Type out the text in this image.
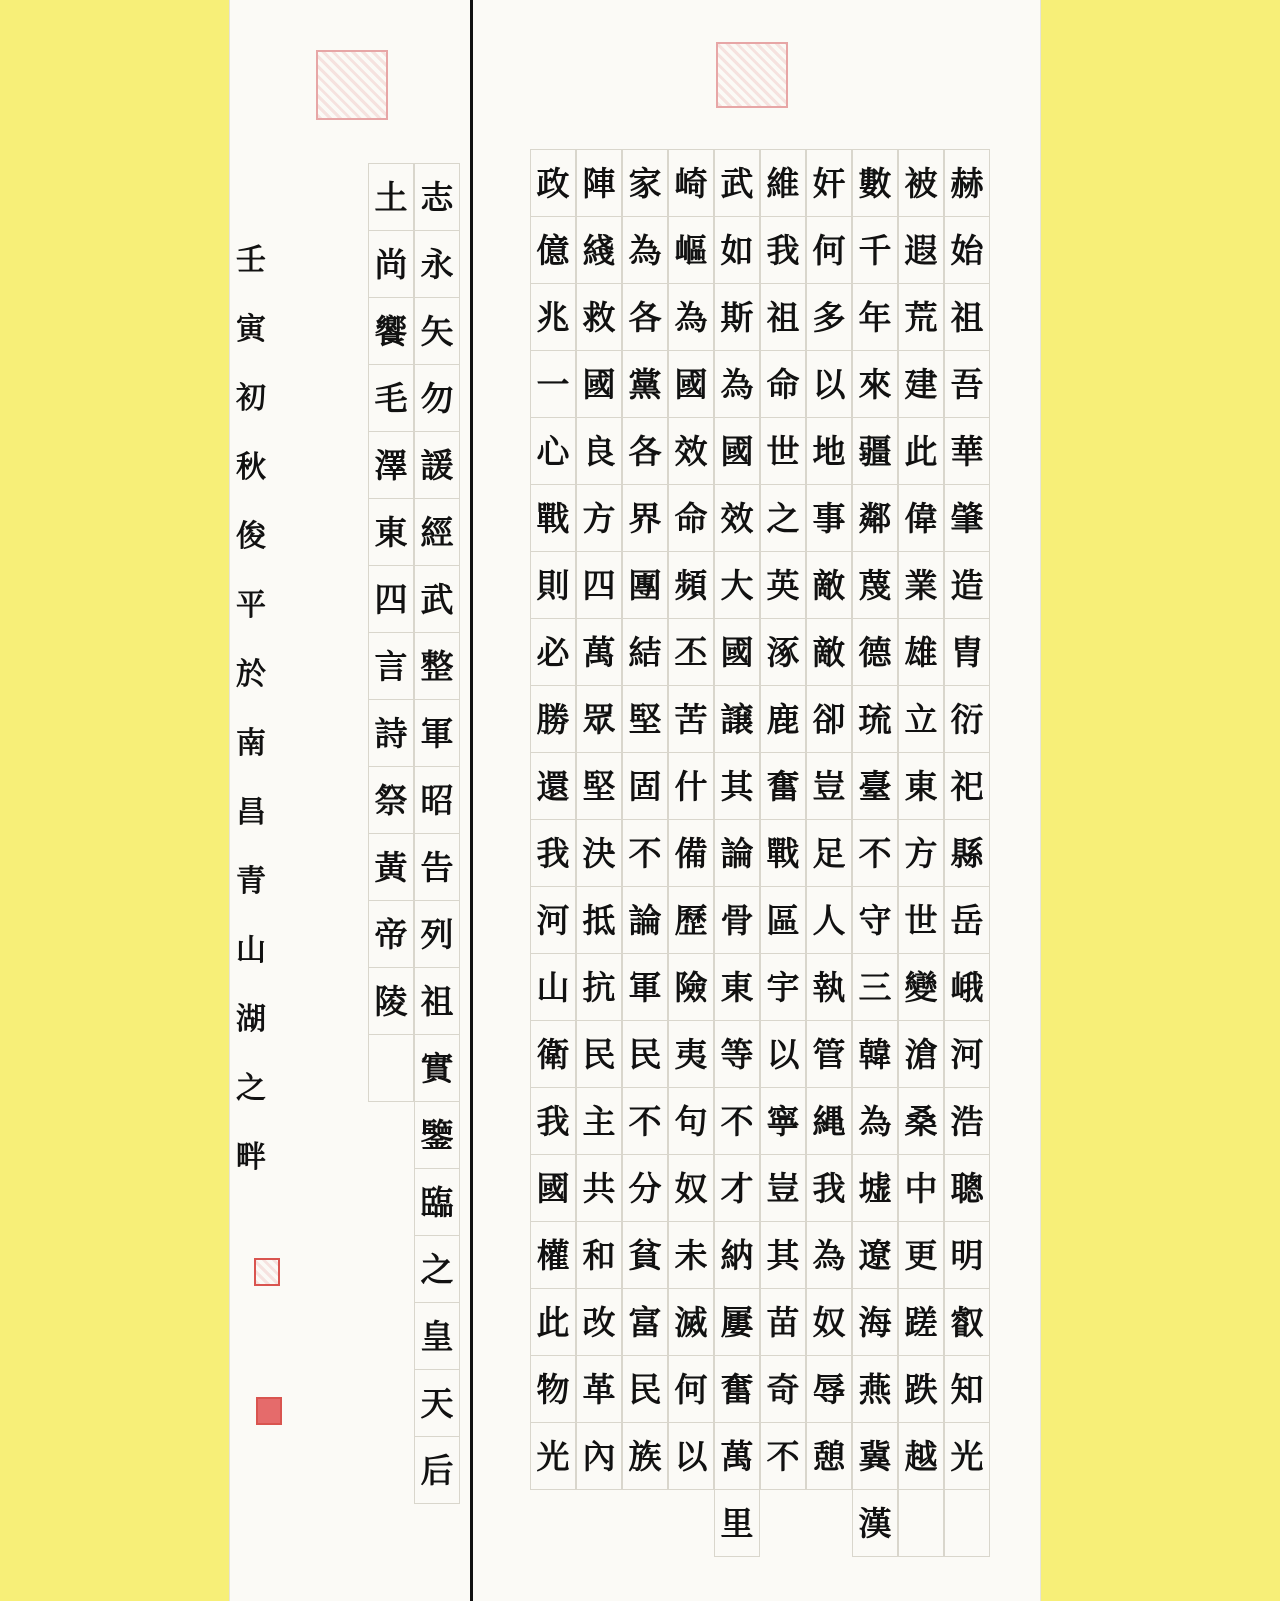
壬
寅
初
秋
俊
平
於
南
昌
青
山
湖
之
畔
土
尚
饗
毛
澤
東
四
言
詩
祭
黃
帝
陵
志
永
矢
勿
諼
經
武
整
軍
昭
告
列
祖
實
鑒
臨
之
皇
天
后
赫
始
祖
吾
華
肇
造
胄
衍
祀
縣
岳
峨
河
浩
聰
明
叡
知
光
被
遐
荒
建
此
偉
業
雄
立
東
方
世
變
滄
桑
中
更
蹉
跌
越
數
千
年
來
疆
鄰
蔑
德
琉
臺
不
守
三
韓
為
墟
遼
海
燕
冀
漢
奸
何
多
以
地
事
敵
敵
卻
豈
足
人
執
管
縄
我
為
奴
辱
憩
維
我
祖
命
世
之
英
涿
鹿
奮
戰
區
宇
以
寧
豈
其
苗
奇
不
武
如
斯
為
國
效
大
國
譲
其
論
骨
東
等
不
才
納
屢
奮
萬
里
崎
嶇
為
國
效
命
頻
丕
苦
什
備
歷
險
夷
句
奴
未
滅
何
以
家
為
各
黨
各
界
團
結
堅
固
不
論
軍
民
不
分
貧
富
民
族
陣
綫
救
國
良
方
四
萬
眾
堅
決
抵
抗
民
主
共
和
改
革
內
政
億
兆
一
心
戰
則
必
勝
還
我
河
山
衛
我
國
權
此
物
光
